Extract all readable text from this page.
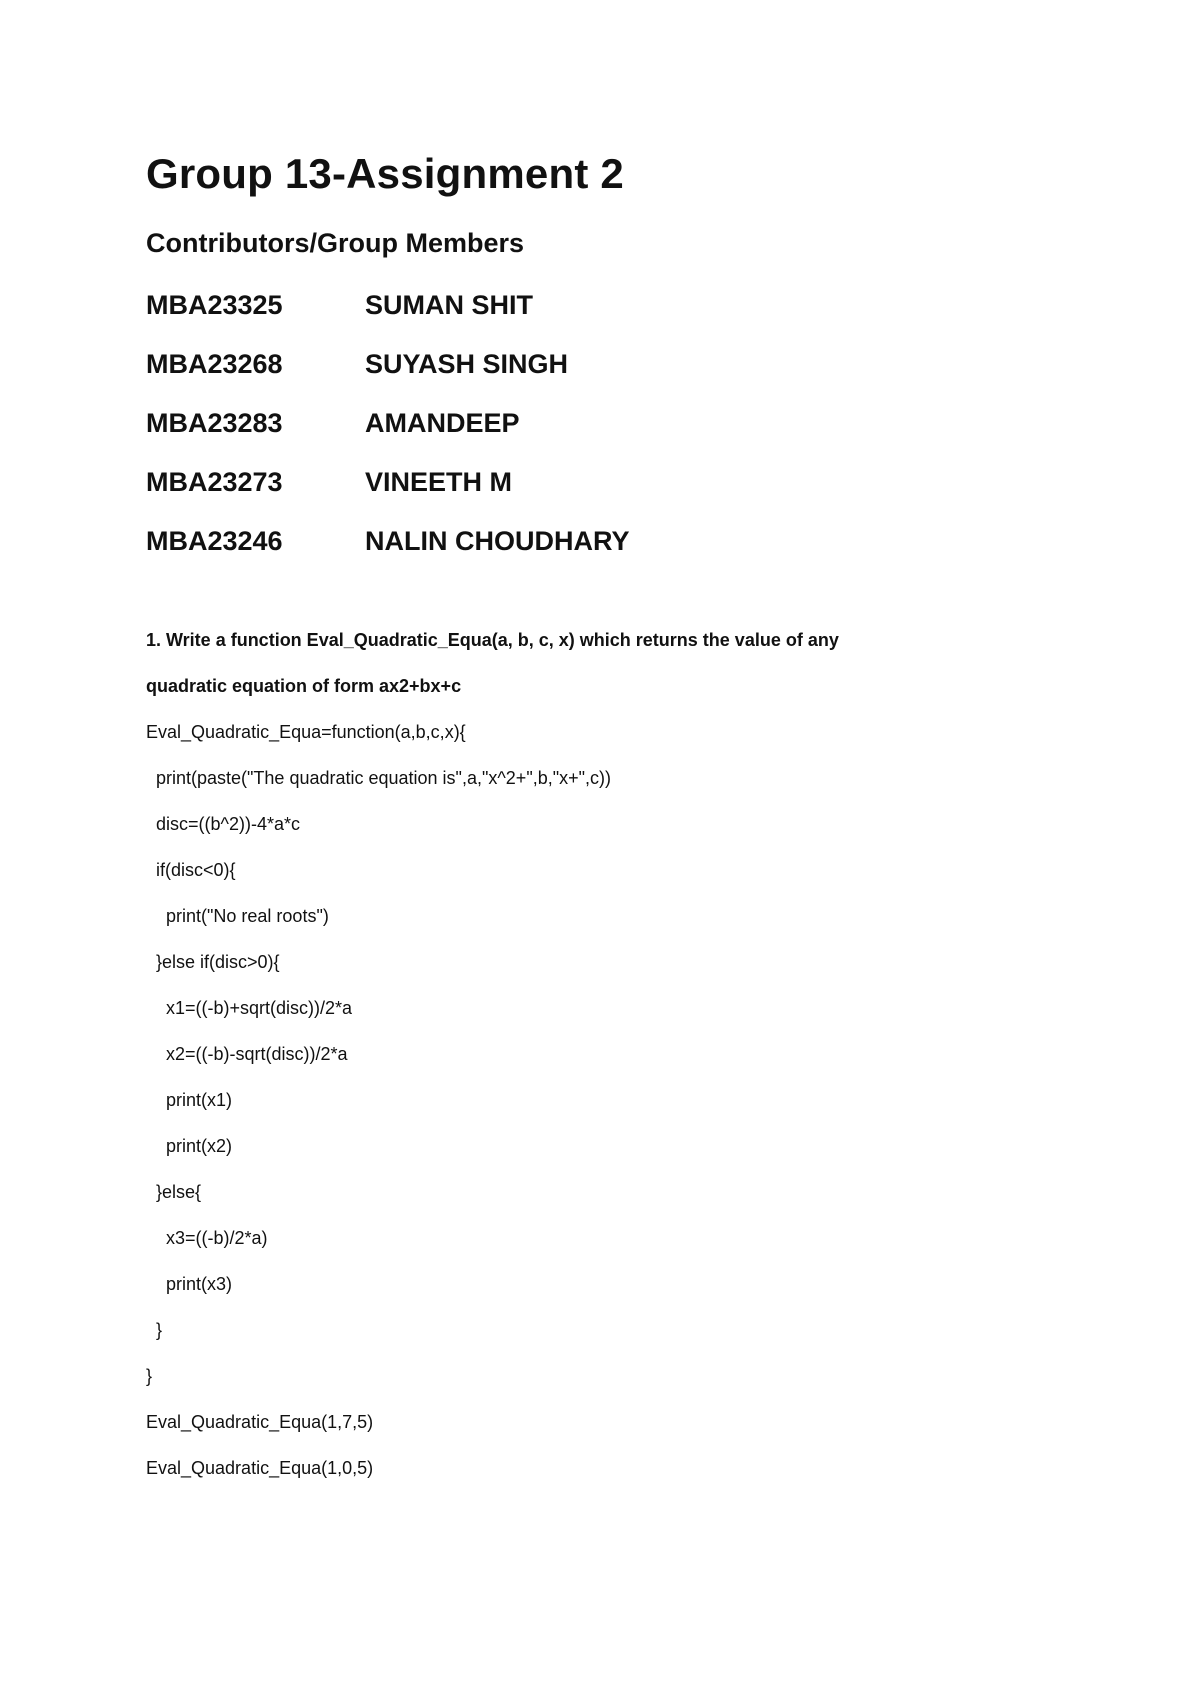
Group 13-Assignment 2
Contributors/Group Members
MBA23325	SUMAN SHIT
MBA23268	SUYASH SINGH
MBA23283	AMANDEEP
MBA23273	VINEETH M
MBA23246	NALIN CHOUDHARY
1. Write a function Eval_Quadratic_Equa(a, b, c, x) which returns the value of any
quadratic equation of form ax2+bx+c
Eval_Quadratic_Equa=function(a,b,c,x){
print(paste("The quadratic equation is",a,"x^2+",b,"x+",c))
disc=((b^2))-4*a*c
if(disc<0){
print("No real roots")
}else if(disc>0){
x1=((-b)+sqrt(disc))/2*a
x2=((-b)-sqrt(disc))/2*a
print(x1)
print(x2)
}else{
x3=((-b)/2*a)
print(x3)
}
}
Eval_Quadratic_Equa(1,7,5)
Eval_Quadratic_Equa(1,0,5)
